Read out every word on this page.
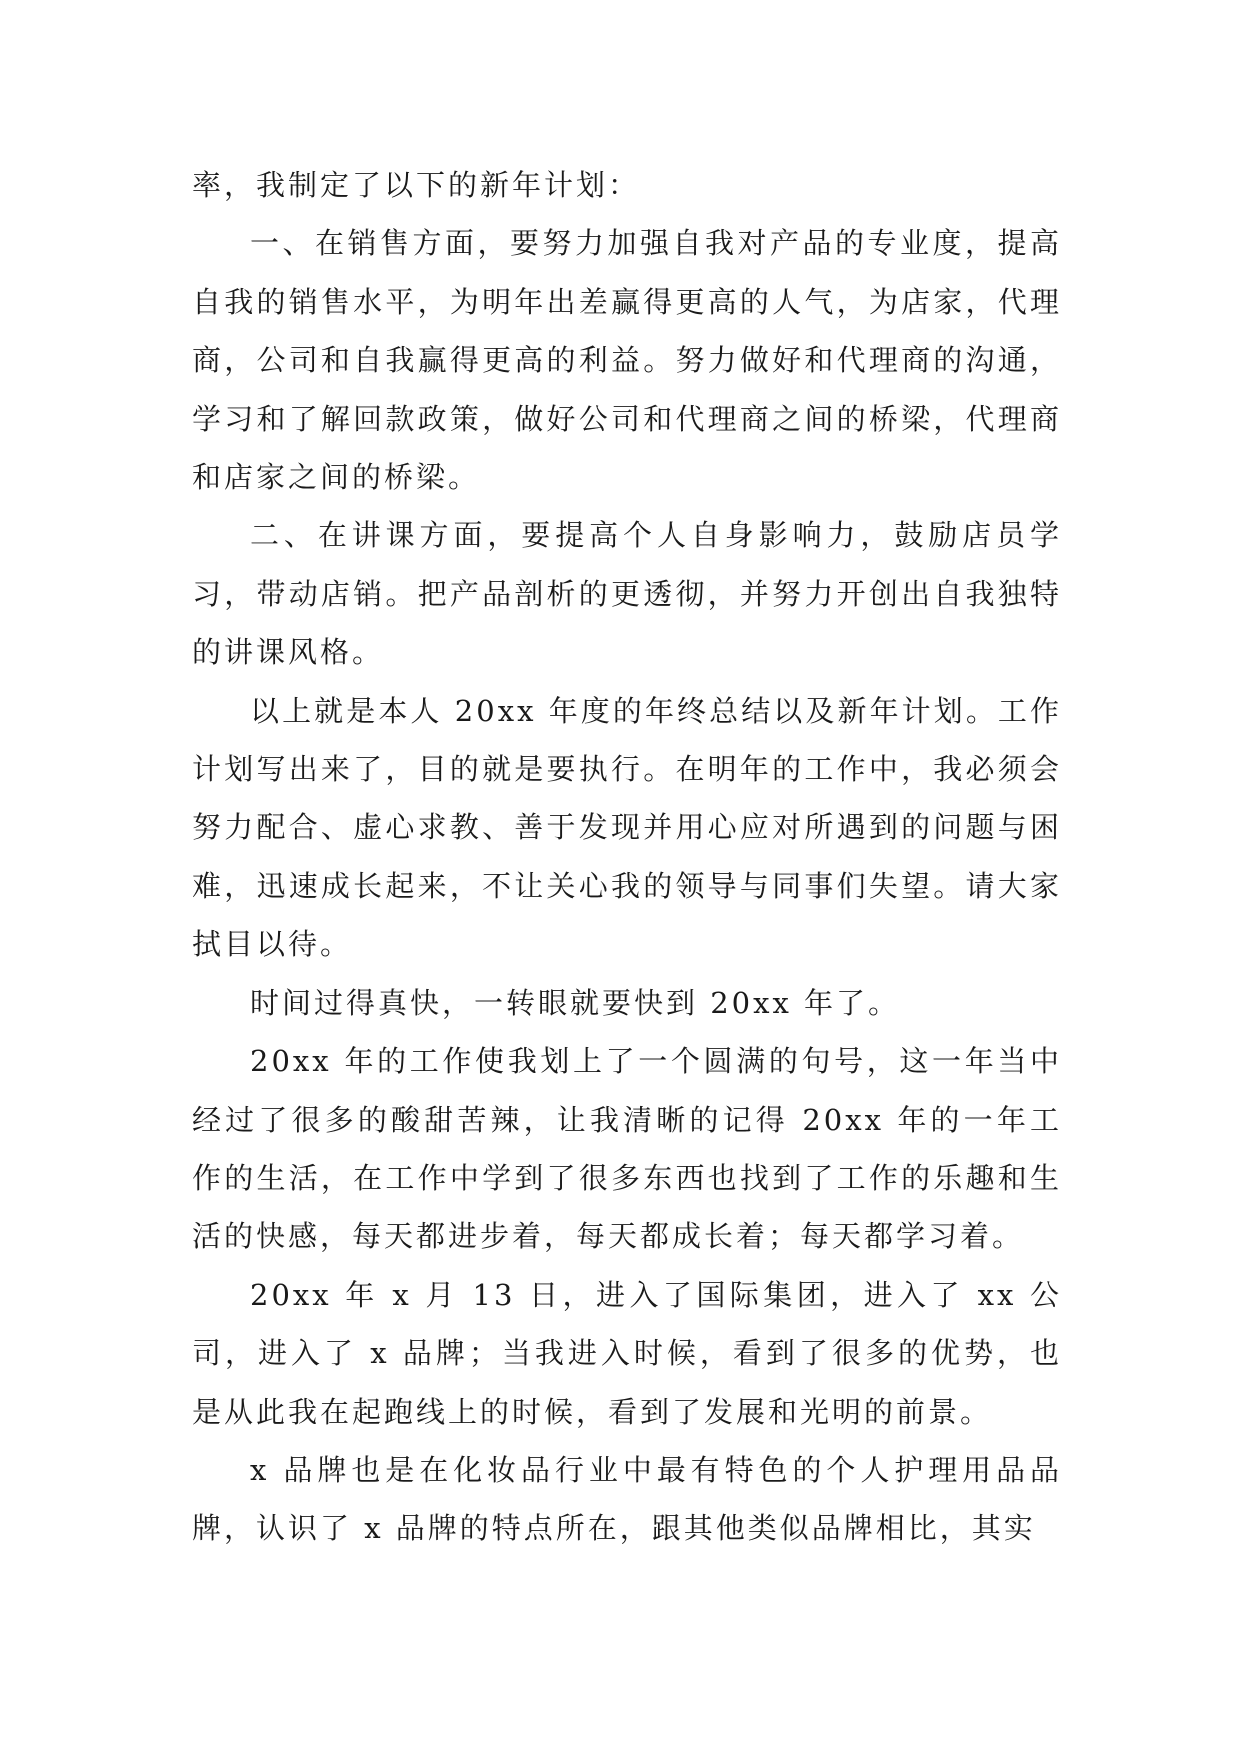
率，我制定了以下的新年计划：

一、在销售方面，要努力加强自我对产品的专业度，提高自我的销售水平，为明年出差赢得更高的人气，为店家，代理商，公司和自我赢得更高的利益。努力做好和代理商的沟通，学习和了解回款政策，做好公司和代理商之间的桥梁，代理商和店家之间的桥梁。

二、在讲课方面，要提高个人自身影响力，鼓励店员学习，带动店销。把产品剖析的更透彻，并努力开创出自我独特的讲课风格。

以上就是本人 20xx 年度的年终总结以及新年计划。工作计划写出来了，目的就是要执行。在明年的工作中，我必须会努力配合、虚心求教、善于发现并用心应对所遇到的问题与困难，迅速成长起来，不让关心我的领导与同事们失望。请大家拭目以待。

时间过得真快，一转眼就要快到 20xx 年了。

20xx 年的工作使我划上了一个圆满的句号，这一年当中经过了很多的酸甜苦辣，让我清晰的记得 20xx 年的一年工作的生活，在工作中学到了很多东西也找到了工作的乐趣和生活的快感，每天都进步着，每天都成长着；每天都学习着。

20xx 年 x 月 13 日，进入了国际集团，进入了 xx 公司，进入了 x 品牌；当我进入时候，看到了很多的优势，也是从此我在起跑线上的时候，看到了发展和光明的前景。

x 品牌也是在化妆品行业中最有特色的个人护理用品品牌，认识了 x 品牌的特点所在，跟其他类似品牌相比，其实
